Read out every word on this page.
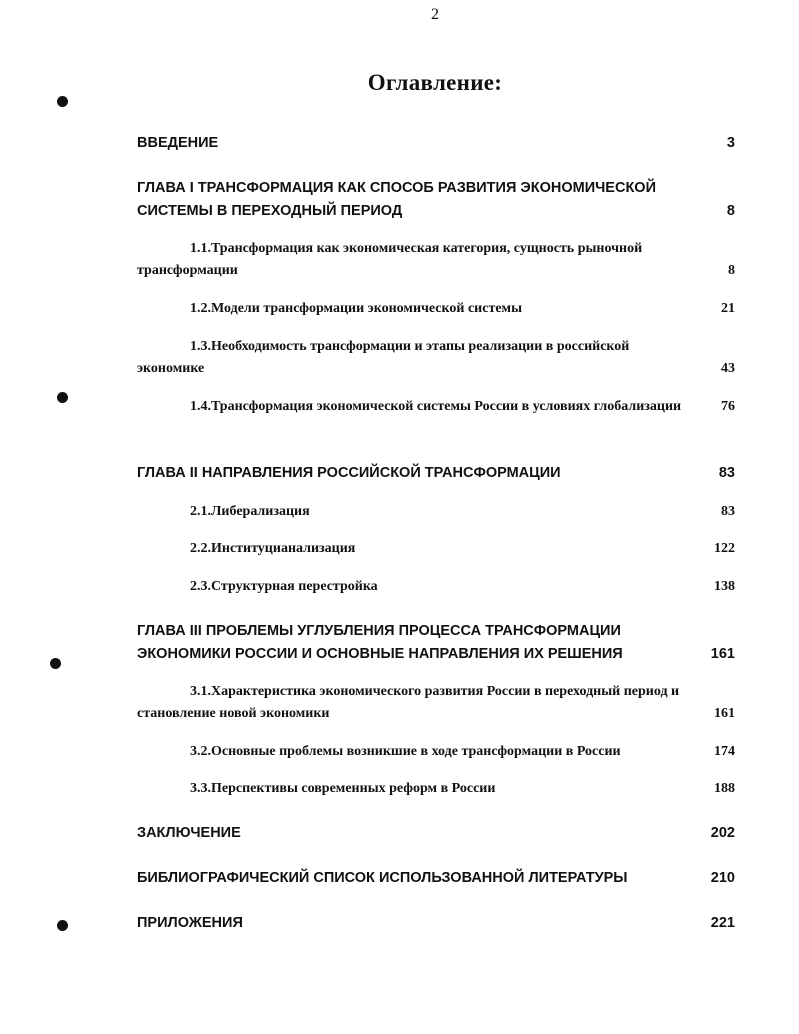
2
Оглавление:
ВВЕДЕНИЕ	3
ГЛАВА I ТРАНСФОРМАЦИЯ КАК СПОСОБ РАЗВИТИЯ ЭКОНОМИЧЕСКОЙ СИСТЕМЫ В ПЕРЕХОДНЫЙ ПЕРИОД	8
1.1.Трансформация как экономическая категория, сущность рыночной трансформации	8
1.2.Модели трансформации экономической системы	21
1.3.Необходимость трансформации и этапы реализации в российской экономике	43
1.4.Трансформация экономической системы России в условиях глобализации	76
ГЛАВА II НАПРАВЛЕНИЯ РОССИЙСКОЙ ТРАНСФОРМАЦИИ	83
2.1.Либерализация	83
2.2.Институцианализация	122
2.3.Структурная перестройка	138
ГЛАВА III ПРОБЛЕМЫ УГЛУБЛЕНИЯ ПРОЦЕССА ТРАНСФОРМАЦИИ ЭКОНОМИКИ РОССИИ И ОСНОВНЫЕ НАПРАВЛЕНИЯ ИХ РЕШЕНИЯ	161
3.1.Характеристика экономического развития России в переходный период и становление новой экономики	161
3.2.Основные проблемы возникшие в ходе трансформации в России	174
3.3.Перспективы современных реформ в России	188
ЗАКЛЮЧЕНИЕ	202
БИБЛИОГРАФИЧЕСКИЙ СПИСОК ИСПОЛЬЗОВАННОЙ ЛИТЕРАТУРЫ	210
ПРИЛОЖЕНИЯ	221
